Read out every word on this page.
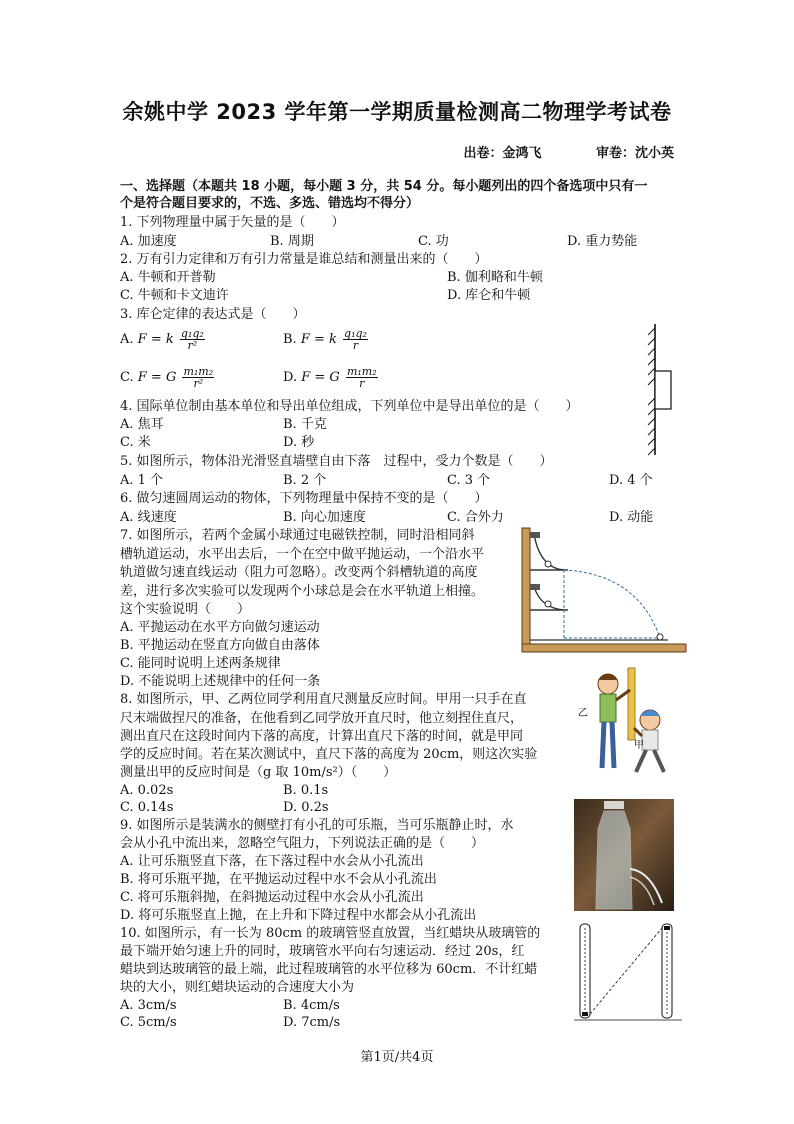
余姚中学 2023 学年第一学期质量检测高二物理学考试卷
出卷：金鸿飞	审卷：沈小英
一、选择题（本题共 18 小题，每小题 3 分，共 54 分。每小题列出的四个备选项中只有一
个是符合题目要求的，不选、多选、错选均不得分）
1. 下列物理量中属于矢量的是（　　）
A. 加速度	B. 周期	C. 功	D. 重力势能
2. 万有引力定律和万有引力常量是谁总结和测量出来的（　　）
A. 牛顿和开普勒	B. 伽利略和牛顿
C. 牛顿和卡文迪许	D. 库仑和牛顿
3. 库仑定律的表达式是（　　）
A. F = k $\frac{\text{q₁q₂}}{\text{r²}}$	B. F = k $\frac{\text{q₁q₂}}{r}$
C. F = G $\frac{\text{m₁m₂}}{\text{r²}}$	D. F = G $\frac{\text{m₁m₂}}{r}$
4. 国际单位制由基本单位和导出单位组成，下列单位中是导出单位的是（　　）
A. 焦耳	B. 千克
C. 米	D. 秒
5. 如图所示，物体沿光滑竖直墙壁自由下落　过程中，受力个数是（　　）
A. 1 个	B. 2 个	C. 3 个	D. 4 个
6. 做匀速圆周运动的物体，下列物理量中保持不变的是（　　）
A. 线速度	B. 向心加速度	C. 合外力	D. 动能
7. 如图所示，若两个金属小球通过电磁铁控制，同时沿相同斜
槽轨道运动，水平出去后，一个在空中做平抛运动，一个沿水平
轨道做匀速直线运动（阻力可忽略）。改变两个斜槽轨道的高度
差，进行多次实验可以发现两个小球总是会在水平轨道上相撞。
这个实验说明（　　）
A. 平抛运动在水平方向做匀速运动
B. 平抛运动在竖直方向做自由落体
C. 能同时说明上述两条规律
D. 不能说明上述规律中的任何一条
8. 如图所示，甲、乙两位同学利用直尺测量反应时间。甲用一只手在直
尺末端做捏尺的准备，在他看到乙同学放开直尺时，他立刻捏住直尺，
测出直尺在这段时间内下落的高度，计算出直尺下落的时间，就是甲同
学的反应时间。若在某次测试中，直尺下落的高度为 20cm，则这次实验
测量出甲的反应时间是（g 取 10m/s²）（　　）
A. 0.02s	B. 0.1s
C. 0.14s	D. 0.2s
乙
甲
9. 如图所示是装满水的侧壁打有小孔的可乐瓶，当可乐瓶静止时，水
会从小孔中流出来，忽略空气阻力，下列说法正确的是（　　）
A. 让可乐瓶竖直下落，在下落过程中水会从小孔流出
B. 将可乐瓶平抛，在平抛运动过程中水不会从小孔流出
C. 将可乐瓶斜抛，在斜抛运动过程中水会从小孔流出
D. 将可乐瓶竖直上抛，在上升和下降过程中水都会从小孔流出
10. 如图所示，有一长为 80cm 的玻璃管竖直放置，当红蜡块从玻璃管的
最下端开始匀速上升的同时，玻璃管水平向右匀速运动．经过 20s，红
蜡块到达玻璃管的最上端，此过程玻璃管的水平位移为 60cm．不计红蜡
块的大小，则红蜡块运动的合速度大小为
A. 3cm/s	B. 4cm/s
C. 5cm/s	D. 7cm/s
第1页/共4页
